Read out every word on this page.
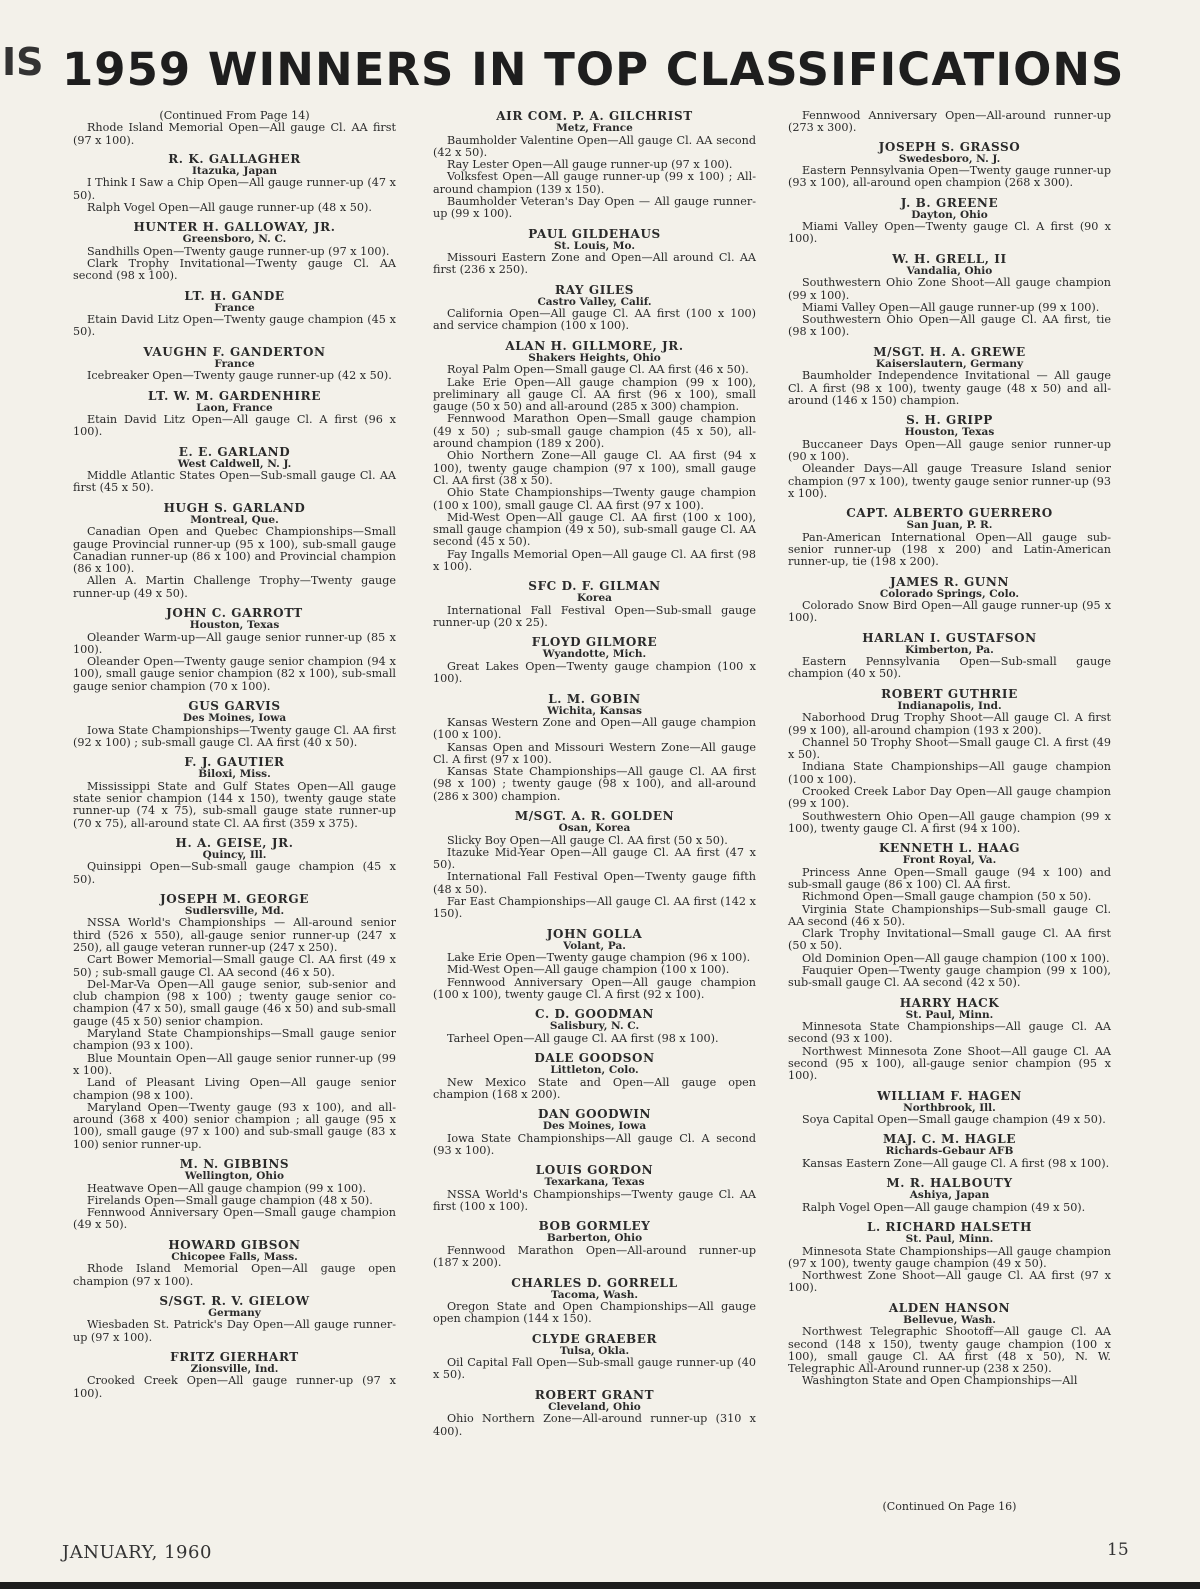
IS 1959 WINNERS IN TOP CLASSIFICATIONS
(Continued From Page 14)
Rhode Island Memorial Open—All gauge Cl. AA first (97 x 100).
R. K. GALLAGHER
Itazuka, Japan

I Think I Saw a Chip Open—All gauge runner-up (47 x 50).

Ralph Vogel Open—All gauge runner-up (48 x 50).

HUNTER H. GALLOWAY, JR.
Greensboro, N. C.

Sandhills Open—Twenty gauge runner-up (97 x 100).

Clark Trophy Invitational—Twenty gauge Cl. AA second (98 x 100).

LT. H. GANDE
France

Etain David Litz Open—Twenty gauge champion (45 x 50).

VAUGHN F. GANDERTON
France

Icebreaker Open—Twenty gauge runner-up (42 x 50).

LT. W. M. GARDENHIRE
Laon, France

Etain David Litz Open—All gauge Cl. A first (96 x 100).

E. E. GARLAND
West Caldwell, N. J.

Middle Atlantic States Open—Sub-small gauge Cl. AA first (45 x 50).

HUGH S. GARLAND
Montreal, Que.

Canadian Open and Quebec Championships—Small gauge Provincial runner-up (95 x 100), sub-small gauge Canadian runner-up (86 x 100) and Provincial champion (86 x 100).

Allen A. Martin Challenge Trophy—Twenty gauge runner-up (49 x 50).

JOHN C. GARROTT
Houston, Texas

Oleander Warm-up—All gauge senior runner-up (85 x 100).

Oleander Open—Twenty gauge senior champion (94 x 100), small gauge senior champion (82 x 100), sub-small gauge senior champion (70 x 100).

GUS GARVIS
Des Moines, Iowa

Iowa State Championships—Twenty gauge Cl. AA first (92 x 100) ; sub-small gauge Cl. AA first (40 x 50).

F. J. GAUTIER
Biloxi, Miss.

Mississippi State and Gulf States Open—All gauge state senior champion (144 x 150), twenty gauge state runner-up (74 x 75), sub-small gauge state runner-up (70 x 75), all-around state Cl. AA first (359 x 375).

H. A. GEISE, JR.
Quincy, Ill.

Quinsippi Open—Sub-small gauge champion (45 x 50).

JOSEPH M. GEORGE
Sudlersville, Md.

NSSA World's Championships — All-around senior third (526 x 550), all-gauge senior runner-up (247 x 250), all gauge veteran runner-up (247 x 250).

Cart Bower Memorial—Small gauge Cl. AA first (49 x 50) ; sub-small gauge Cl. AA second (46 x 50).

Del-Mar-Va Open—All gauge senior, sub-senior and club champion (98 x 100) ; twenty gauge senior co-champion (47 x 50), small gauge (46 x 50) and sub-small gauge (45 x 50) senior champion.

Maryland State Championships—Small gauge senior champion (93 x 100).

Blue Mountain Open—All gauge senior runner-up (99 x 100).

Land of Pleasant Living Open—All gauge senior champion (98 x 100).

Maryland Open—Twenty gauge (93 x 100), and all-around (368 x 400) senior champion ; all gauge (95 x 100), small gauge (97 x 100) and sub-small gauge (83 x 100) senior runner-up.

M. N. GIBBINS
Wellington, Ohio

Heatwave Open—All gauge champion (99 x 100).

Firelands Open—Small gauge champion (48 x 50).

Fennwood Anniversary Open—Small gauge champion (49 x 50).

HOWARD GIBSON
Chicopee Falls, Mass.

Rhode Island Memorial Open—All gauge open champion (97 x 100).

S/SGT. R. V. GIELOW
Germany

Wiesbaden St. Patrick's Day Open—All gauge runner-up (97 x 100).

FRITZ GIERHART
Zionsville, Ind.

Crooked Creek Open—All gauge runner-up (97 x 100).

AIR COM. P. A. GILCHRIST
Metz, France

Baumholder Valentine Open—All gauge Cl. AA second (42 x 50).

Ray Lester Open—All gauge runner-up (97 x 100).

Volksfest Open—All gauge runner-up (99 x 100) ; All-around champion (139 x 150).

Baumholder Veteran's Day Open — All gauge runner-up (99 x 100).

PAUL GILDEHAUS
St. Louis, Mo.

Missouri Eastern Zone and Open—All around Cl. AA first (236 x 250).

RAY GILES
Castro Valley, Calif.

California Open—All gauge Cl. AA first (100 x 100) and service champion (100 x 100).

ALAN H. GILLMORE, JR.
Shakers Heights, Ohio

Royal Palm Open—Small gauge Cl. AA first (46 x 50).

Lake Erie Open—All gauge champion (99 x 100), preliminary all gauge Cl. AA first (96 x 100), small gauge (50 x 50) and all-around (285 x 300) champion.

Fennwood Marathon Open—Small gauge champion (49 x 50) ; sub-small gauge champion (45 x 50), all-around champion (189 x 200).

Ohio Northern Zone—All gauge Cl. AA first (94 x 100), twenty gauge champion (97 x 100), small gauge Cl. AA first (38 x 50).

Ohio State Championships—Twenty gauge champion (100 x 100), small gauge Cl. AA first (97 x 100).

Mid-West Open—All gauge Cl. AA first (100 x 100), small gauge champion (49 x 50), sub-small gauge Cl. AA second (45 x 50).

Fay Ingalls Memorial Open—All gauge Cl. AA first (98 x 100).

SFC D. F. GILMAN
Korea

International Fall Festival Open—Sub-small gauge runner-up (20 x 25).

FLOYD GILMORE
Wyandotte, Mich.

Great Lakes Open—Twenty gauge champion (100 x 100).

L. M. GOBIN
Wichita, Kansas

Kansas Western Zone and Open—All gauge champion (100 x 100).

Kansas Open and Missouri Western Zone—All gauge Cl. A first (97 x 100).

Kansas State Championships—All gauge Cl. AA first (98 x 100) ; twenty gauge (98 x 100), and all-around (286 x 300) champion.

M/SGT. A. R. GOLDEN
Osan, Korea

Slicky Boy Open—All gauge Cl. AA first (50 x 50).

Itazuke Mid-Year Open—All gauge Cl. AA first (47 x 50).

International Fall Festival Open—Twenty gauge fifth (48 x 50).

Far East Championships—All gauge Cl. AA first (142 x 150).

JOHN GOLLA
Volant, Pa.

Lake Erie Open—Twenty gauge champion (96 x 100).

Mid-West Open—All gauge champion (100 x 100).

Fennwood Anniversary Open—All gauge champion (100 x 100), twenty gauge Cl. A first (92 x 100).

C. D. GOODMAN
Salisbury, N. C.

Tarheel Open—All gauge Cl. AA first (98 x 100).

DALE GOODSON
Littleton, Colo.

New Mexico State and Open—All gauge open champion (168 x 200).

DAN GOODWIN
Des Moines, Iowa

Iowa State Championships—All gauge Cl. A second (93 x 100).

LOUIS GORDON
Texarkana, Texas

NSSA World's Championships—Twenty gauge Cl. AA first (100 x 100).

BOB GORMLEY
Barberton, Ohio

Fennwood Marathon Open—All-around runner-up (187 x 200).

CHARLES D. GORRELL
Tacoma, Wash.

Oregon State and Open Championships—All gauge open champion (144 x 150).

CLYDE GRAEBER
Tulsa, Okla.

Oil Capital Fall Open—Sub-small gauge runner-up (40 x 50).

ROBERT GRANT
Cleveland, Ohio

Ohio Northern Zone—All-around runner-up (310 x 400).

Fennwood Anniversary Open—All-around runner-up (273 x 300).
JOSEPH S. GRASSO
Swedesboro, N. J.

Eastern Pennsylvania Open—Twenty gauge runner-up (93 x 100), all-around open champion (268 x 300).

J. B. GREENE
Dayton, Ohio

Miami Valley Open—Twenty gauge Cl. A first (90 x 100).

W. H. GRELL, II
Vandalia, Ohio

Southwestern Ohio Zone Shoot—All gauge champion (99 x 100).

Miami Valley Open—All gauge runner-up (99 x 100).

Southwestern Ohio Open—All gauge Cl. AA first, tie (98 x 100).

M/SGT. H. A. GREWE
Kaiserslautern, Germany

Baumholder Independence Invitational — All gauge Cl. A first (98 x 100), twenty gauge (48 x 50) and all-around (146 x 150) champion.

S. H. GRIPP
Houston, Texas

Buccaneer Days Open—All gauge senior runner-up (90 x 100).

Oleander Days—All gauge Treasure Island senior champion (97 x 100), twenty gauge senior runner-up (93 x 100).

CAPT. ALBERTO GUERRERO
San Juan, P. R.

Pan-American International Open—All gauge sub-senior runner-up (198 x 200) and Latin-American runner-up, tie (198 x 200).

JAMES R. GUNN
Colorado Springs, Colo.

Colorado Snow Bird Open—All gauge runner-up (95 x 100).

HARLAN I. GUSTAFSON
Kimberton, Pa.

Eastern Pennsylvania Open—Sub-small gauge champion (40 x 50).

ROBERT GUTHRIE
Indianapolis, Ind.

Naborhood Drug Trophy Shoot—All gauge Cl. A first (99 x 100), all-around champion (193 x 200).

Channel 50 Trophy Shoot—Small gauge Cl. A first (49 x 50).

Indiana State Championships—All gauge champion (100 x 100).

Crooked Creek Labor Day Open—All gauge champion (99 x 100).

Southwestern Ohio Open—All gauge champion (99 x 100), twenty gauge Cl. A first (94 x 100).

KENNETH L. HAAG
Front Royal, Va.

Princess Anne Open—Small gauge (94 x 100) and sub-small gauge (86 x 100) Cl. AA first.

Richmond Open—Small gauge champion (50 x 50).

Virginia State Championships—Sub-small gauge Cl. AA second (46 x 50).

Clark Trophy Invitational—Small gauge Cl. AA first (50 x 50).

Old Dominion Open—All gauge champion (100 x 100).

Fauquier Open—Twenty gauge champion (99 x 100), sub-small gauge Cl. AA second (42 x 50).

HARRY HACK
St. Paul, Minn.

Minnesota State Championships—All gauge Cl. AA second (93 x 100).

Northwest Minnesota Zone Shoot—All gauge Cl. AA second (95 x 100), all-gauge senior champion (95 x 100).

WILLIAM F. HAGEN
Northbrook, Ill.

Soya Capital Open—Small gauge champion (49 x 50).

MAJ. C. M. HAGLE
Richards-Gebaur AFB

Kansas Eastern Zone—All gauge Cl. A first (98 x 100).

M. R. HALBOUTY
Ashiya, Japan

Ralph Vogel Open—All gauge champion (49 x 50).

L. RICHARD HALSETH
St. Paul, Minn.

Minnesota State Championships—All gauge champion (97 x 100), twenty gauge champion (49 x 50).

Northwest Zone Shoot—All gauge Cl. AA first (97 x 100).

ALDEN HANSON
Bellevue, Wash.

Northwest Telegraphic Shootoff—All gauge Cl. AA second (148 x 150), twenty gauge champion (100 x 100), small gauge Cl. AA first (48 x 50), N. W. Telegraphic All-Around runner-up (238 x 250).

Washington State and Open Championships—All

(Continued On Page 16)
JANUARY, 1960	15
